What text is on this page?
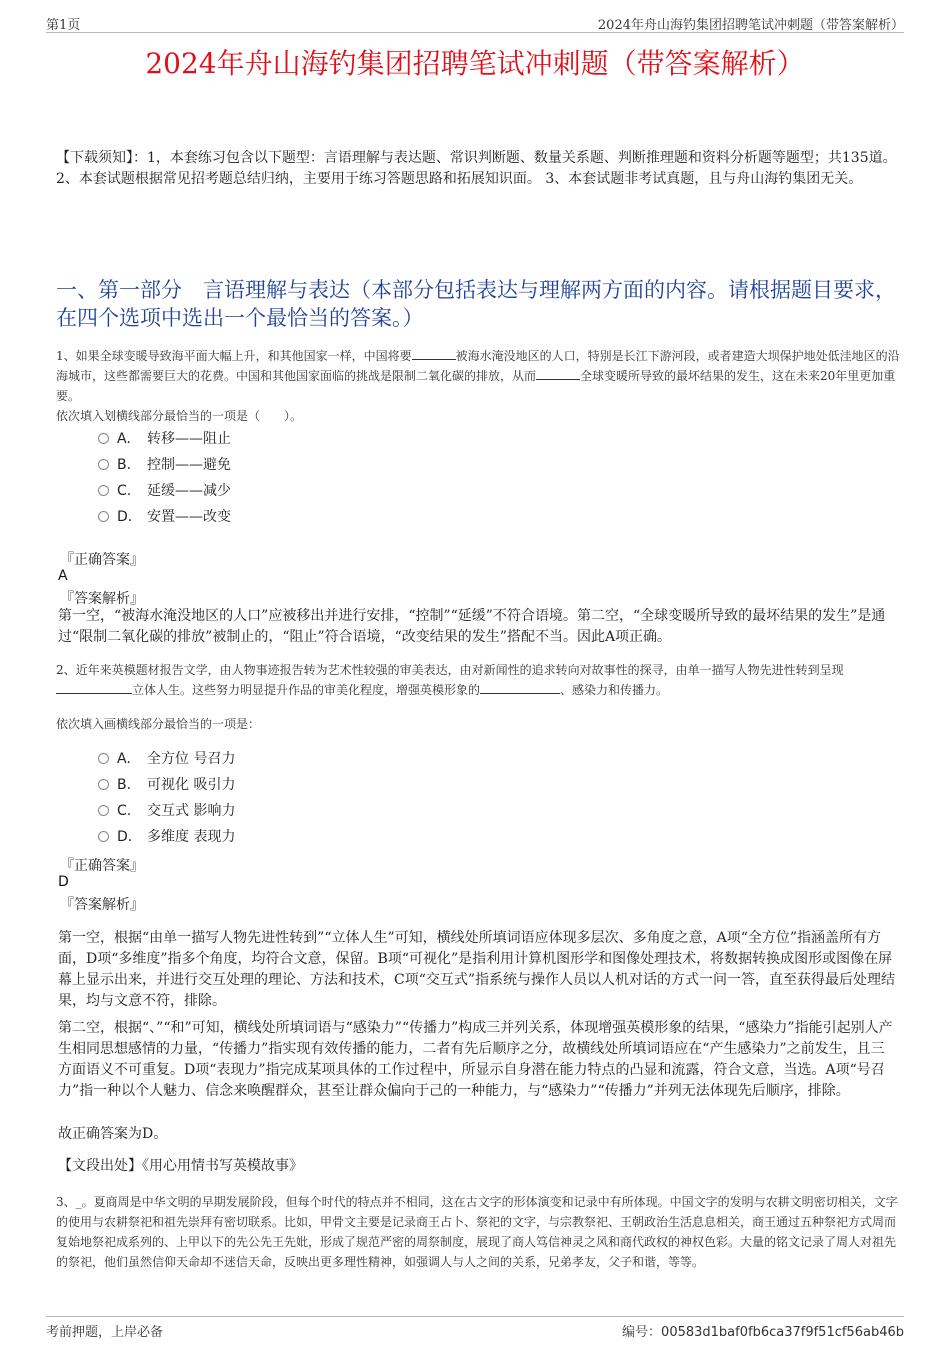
第1页	2024年舟山海钓集团招聘笔试冲刺题（带答案解析）
2024年舟山海钓集团招聘笔试冲刺题（带答案解析）
【下载须知】：1，本套练习包含以下题型：言语理解与表达题、常识判断题、数量关系题、判断推理题和资料分析题等题型；共135道。 2、本套试题根据常见招考题总结归纳，主要用于练习答题思路和拓展知识面。 3、本套试题非考试真题，且与舟山海钓集团无关。
一、第一部分　言语理解与表达（本部分包括表达与理解两方面的内容。请根据题目要求，在四个选项中选出一个最恰当的答案。）
1、如果全球变暖导致海平面大幅上升，和其他国家一样，中国将要	被海水淹没地区的人口，特别是长江下游河段，或者建造大坝保护地处低洼地区的沿海城市，这些都需要巨大的花费。中国和其他国家面临的挑战是限制二氧化碳的排放，从而	全球变暖所导致的最坏结果的发生，这在未来20年里更加重要。
依次填入划横线部分最恰当的一项是（　　）。
A. 转移——阻止
B. 控制——避免
C. 延缓——减少
D. 安置——改变
『正确答案』
A
『答案解析』
第一空，“被海水淹没地区的人口”应被移出并进行安排，“控制”“延缓”不符合语境。第二空，“全球变暖所导致的最坏结果的发生”是通过“限制二氧化碳的排放”被制止的，“阻止”符合语境，“改变结果的发生”搭配不当。因此A项正确。
2、近年来英模题材报告文学，由人物事迹报告转为艺术性较强的审美表达，由对新闻性的追求转向对故事性的探寻，由单一描写人物先进性转到呈现立体人生。这些努力明显提升作品的审美化程度，增强英模形象的	、感染力和传播力。
依次填入画横线部分最恰当的一项是：
A. 全方位 号召力
B. 可视化 吸引力
C. 交互式 影响力
D. 多维度 表现力
『正确答案』
D
『答案解析』
第一空，根据“由单一描写人物先进性转到”“立体人生”可知，横线处所填词语应体现多层次、多角度之意，A项“全方位”指涵盖所有方面，D项“多维度”指多个角度，均符合文意，保留。B项“可视化”是指利用计算机图形学和图像处理技术，将数据转换成图形或图像在屏幕上显示出来，并进行交互处理的理论、方法和技术，C项“交互式”指系统与操作人员以人机对话的方式一问一答，直至获得最后处理结果，均与文意不符，排除。
第二空，根据“、”“和”可知，横线处所填词语与“感染力”“传播力”构成三并列关系，体现增强英模形象的结果，“感染力”指能引起别人产生相同思想感情的力量，“传播力”指实现有效传播的能力，二者有先后顺序之分，故横线处所填词语应在“产生感染力”之前发生，且三方面语义不可重复。D项“表现力”指完成某项具体的工作过程中，所显示自身潜在能力特点的凸显和流露，符合文意，当选。A项“号召力”指一种以个人魅力、信念来唤醒群众，甚至让群众偏向于己的一种能力，与“感染力”“传播力”并列无法体现先后顺序，排除。
故正确答案为D。
【文段出处】《用心用情书写英模故事》
3、_。夏商周是中华文明的早期发展阶段，但每个时代的特点并不相同，这在古文字的形体演变和记录中有所体现。中国文字的发明与农耕文明密切相关，文字的使用与农耕祭祀和祖先崇拜有密切联系。比如，甲骨文主要是记录商王占卜、祭祀的文字，与宗教祭祀、王朝政治生活息息相关，商王通过五种祭祀方式周而复始地祭祀成系列的、上甲以下的先公先王先妣，形成了规范严密的周祭制度，展现了商人笃信神灵之风和商代政权的神权色彩。大量的铭文记录了周人对祖先的祭祀，他们虽然信仰天命却不迷信天命，反映出更多理性精神，如强调人与人之间的关系，兄弟孝友，父子和谐，等等。
考前押题，上岸必备	编号：00583d1baf0fb6ca37f9f51cf56ab46b
